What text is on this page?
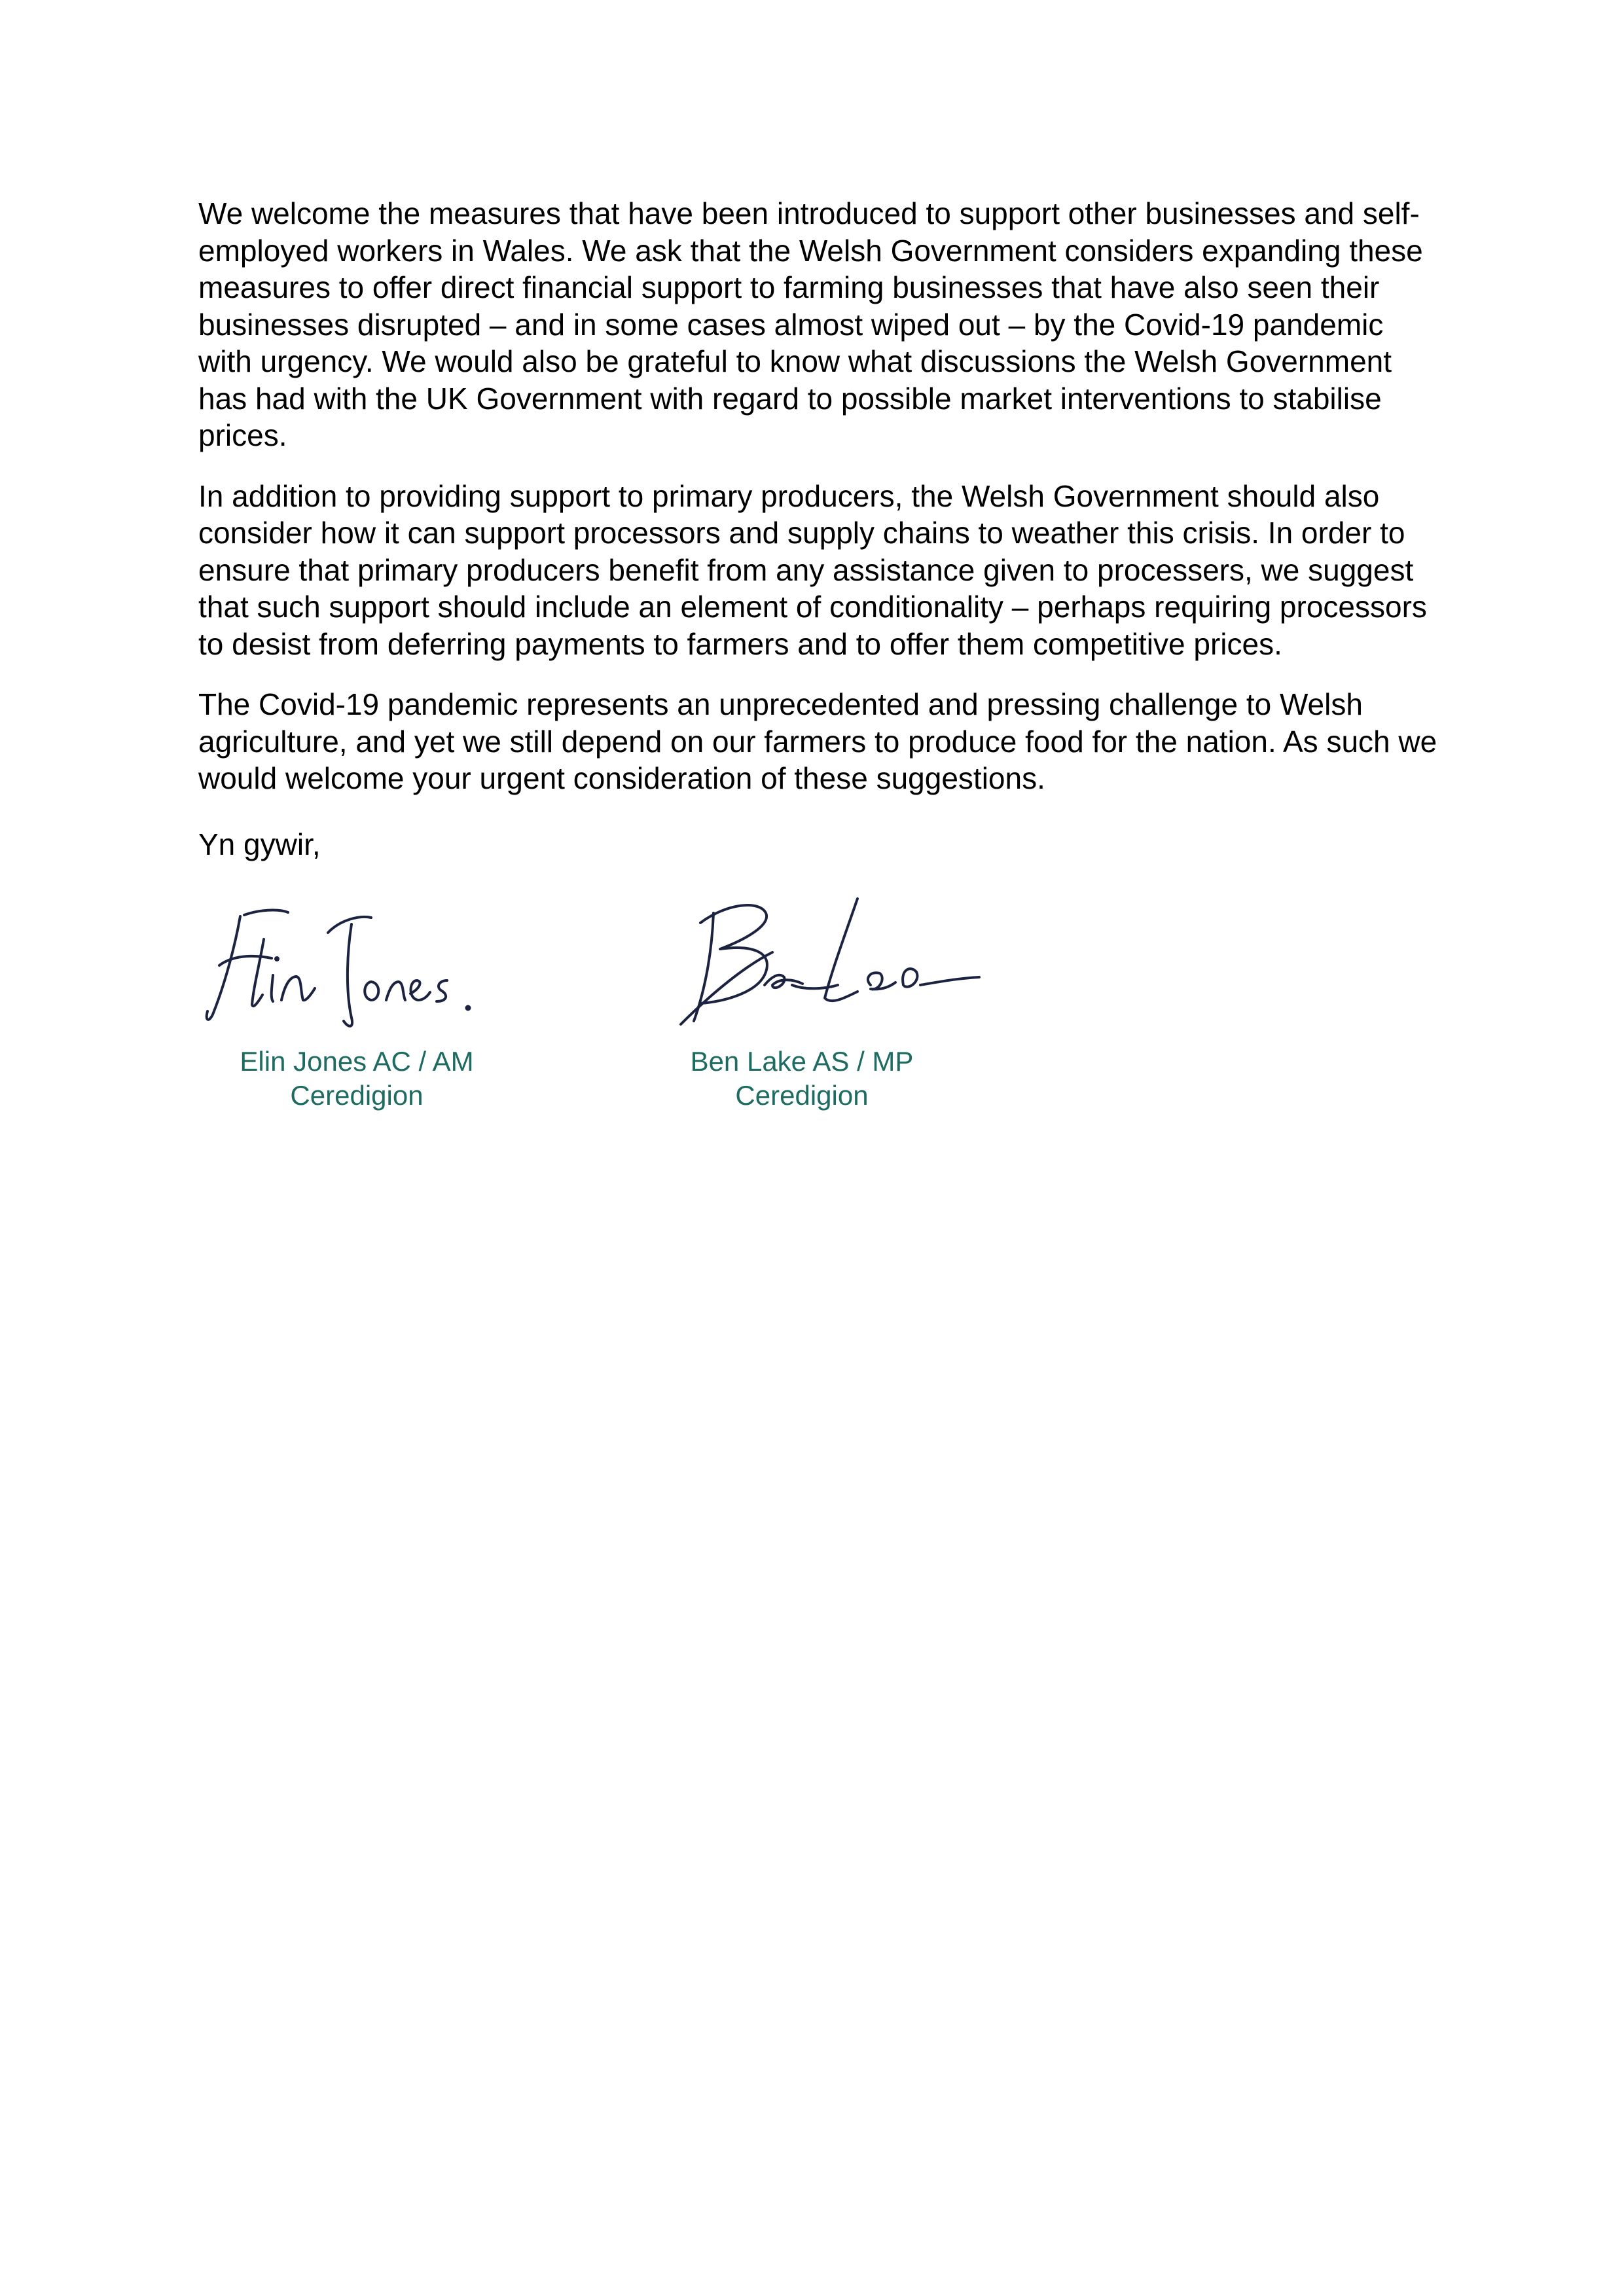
We welcome the measures that have been introduced to support other businesses and self-employed workers in Wales. We ask that the Welsh Government considers expanding these measures to offer direct financial support to farming businesses that have also seen their businesses disrupted – and in some cases almost wiped out – by the Covid-19 pandemic with urgency. We would also be grateful to know what discussions the Welsh Government has had with the UK Government with regard to possible market interventions to stabilise prices.

In addition to providing support to primary producers, the Welsh Government should also consider how it can support processors and supply chains to weather this crisis. In order to ensure that primary producers benefit from any assistance given to processers, we suggest that such support should include an element of conditionality – perhaps requiring processors to desist from deferring payments to farmers and to offer them competitive prices.

The Covid-19 pandemic represents an unprecedented and pressing challenge to Welsh agriculture, and yet we still depend on our farmers to produce food for the nation. As such we would welcome your urgent consideration of these suggestions.

Yn gywir,
Elin Jones AC / AM
Ceredigion
Ben Lake AS / MP
Ceredigion
